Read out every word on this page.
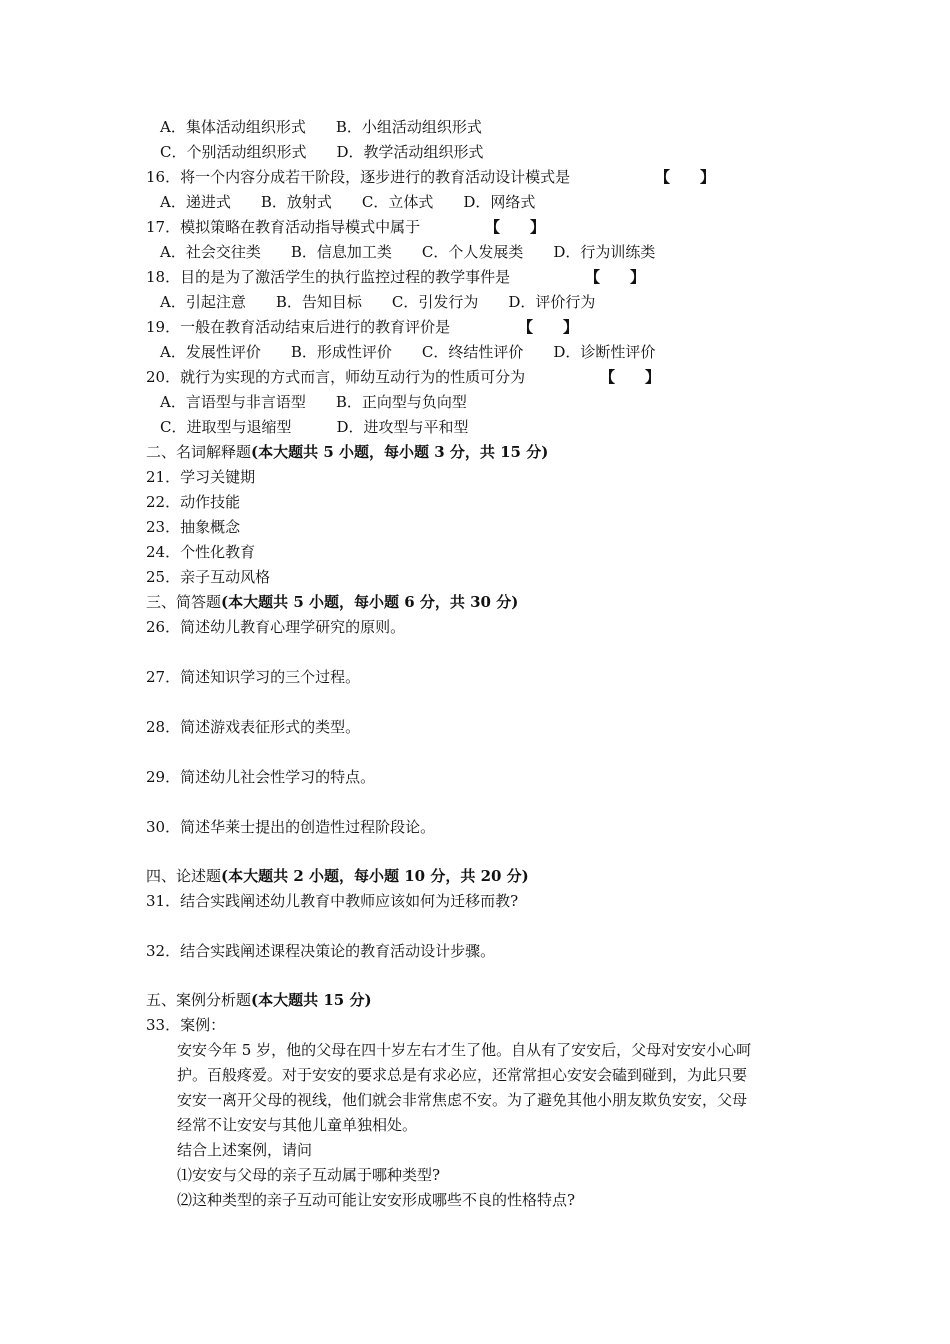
A．集体活动组织形式　　B．小组活动组织形式
C．个别活动组织形式　　D．教学活动组织形式
16．将一个内容分成若干阶段，逐步进行的教育活动设计模式是	【　　】
A．递进式　　B．放射式　　C．立体式　　D．网络式
17．模拟策略在教育活动指导模式中属于	【　　】
A．社会交往类　　B．信息加工类　　C．个人发展类　　D．行为训练类
18．目的是为了激活学生的执行监控过程的教学事件是	【　　】
A．引起注意　　B．告知目标　　C．引发行为　　D．评价行为
19．一般在教育活动结束后进行的教育评价是	【　　】
A．发展性评价　　B．形成性评价　　C．终结性评价　　D．诊断性评价
20．就行为实现的方式而言，师幼互动行为的性质可分为	【　　】
A．言语型与非言语型　　B．正向型与负向型
C．进取型与退缩型　　　D．进攻型与平和型
二、名词解释题(本大题共 5 小题，每小题 3 分，共 15 分)
21．学习关键期
22．动作技能
23．抽象概念
24．个性化教育
25．亲子互动风格
三、简答题(本大题共 5 小题，每小题 6 分，共 30 分)
26．简述幼儿教育心理学研究的原则。
27．简述知识学习的三个过程。
28．简述游戏表征形式的类型。
29．简述幼儿社会性学习的特点。
30．简述华莱士提出的创造性过程阶段论。
四、论述题(本大题共 2 小题，每小题 10 分，共 20 分)
31．结合实践阐述幼儿教育中教师应该如何为迁移而教?
32．结合实践阐述课程决策论的教育活动设计步骤。
五、案例分析题(本大题共 15 分)
33．案例：
安安今年 5 岁，他的父母在四十岁左右才生了他。自从有了安安后，父母对安安小心呵
护。百般疼爱。对于安安的要求总是有求必应，还常常担心安安会磕到碰到，为此只要
安安一离开父母的视线，他们就会非常焦虑不安。为了避免其他小朋友欺负安安，父母
经常不让安安与其他儿童单独相处。
结合上述案例，请问
⑴安安与父母的亲子互动属于哪种类型?
⑵这种类型的亲子互动可能让安安形成哪些不良的性格特点?
